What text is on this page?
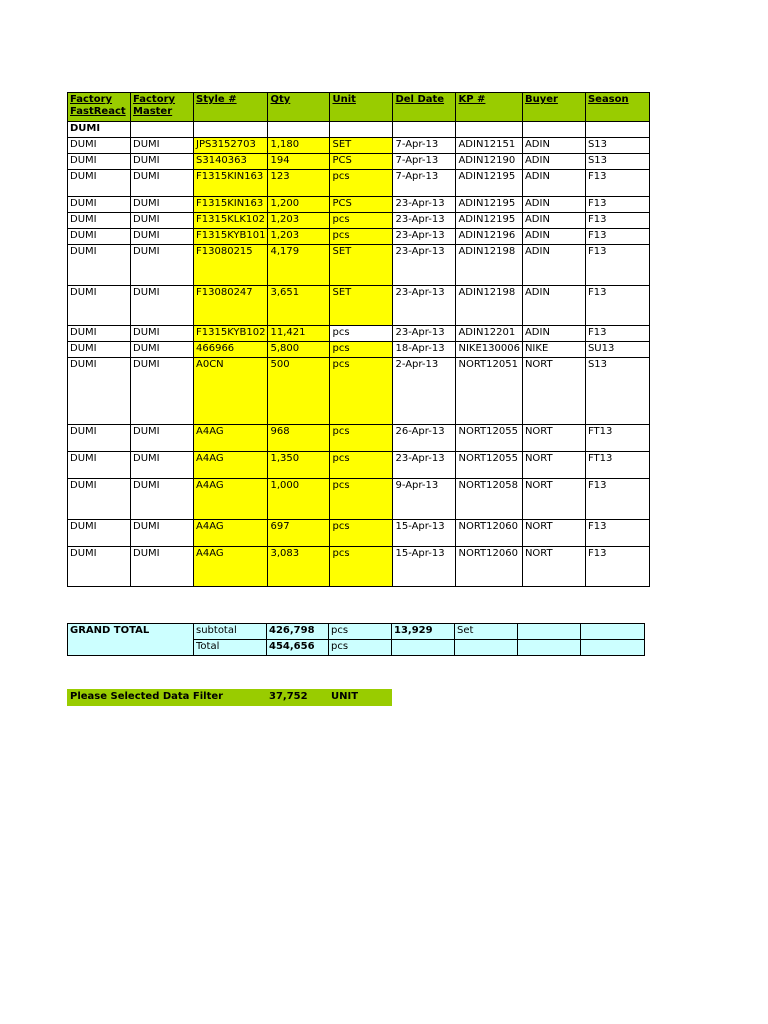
Factory FastReact	Factory Master	Style #	Qty	Unit	Del Date	KP #	Buyer	Season
DUMI								
DUMI	DUMI	JPS3152703	1,180	SET	7-Apr-13	ADIN12151	ADIN	S13
DUMI	DUMI	S3140363	194	PCS	7-Apr-13	ADIN12190	ADIN	S13
DUMI	DUMI	F1315KIN163	123	pcs	7-Apr-13	ADIN12195	ADIN	F13
DUMI	DUMI	F1315KIN163	1,200	PCS	23-Apr-13	ADIN12195	ADIN	F13
DUMI	DUMI	F1315KLK102	1,203	pcs	23-Apr-13	ADIN12195	ADIN	F13
DUMI	DUMI	F1315KYB101	1,203	pcs	23-Apr-13	ADIN12196	ADIN	F13
DUMI	DUMI	F13080215	4,179	SET	23-Apr-13	ADIN12198	ADIN	F13
DUMI	DUMI	F13080247	3,651	SET	23-Apr-13	ADIN12198	ADIN	F13
DUMI	DUMI	F1315KYB102	11,421	pcs	23-Apr-13	ADIN12201	ADIN	F13
DUMI	DUMI	466966	5,800	pcs	18-Apr-13	NIKE130006	NIKE	SU13
DUMI	DUMI	A0CN	500	pcs	2-Apr-13	NORT12051	NORT	S13
DUMI	DUMI	A4AG	968	pcs	26-Apr-13	NORT12055	NORT	FT13
DUMI	DUMI	A4AG	1,350	pcs	23-Apr-13	NORT12055	NORT	FT13
DUMI	DUMI	A4AG	1,000	pcs	9-Apr-13	NORT12058	NORT	F13
DUMI	DUMI	A4AG	697	pcs	15-Apr-13	NORT12060	NORT	F13
DUMI	DUMI	A4AG	3,083	pcs	15-Apr-13	NORT12060	NORT	F13
GRAND TOTAL	subtotal	426,798	pcs	13,929	Set		
	Total	454,656	pcs				
Please Selected Data Filter	37,752 UNIT
